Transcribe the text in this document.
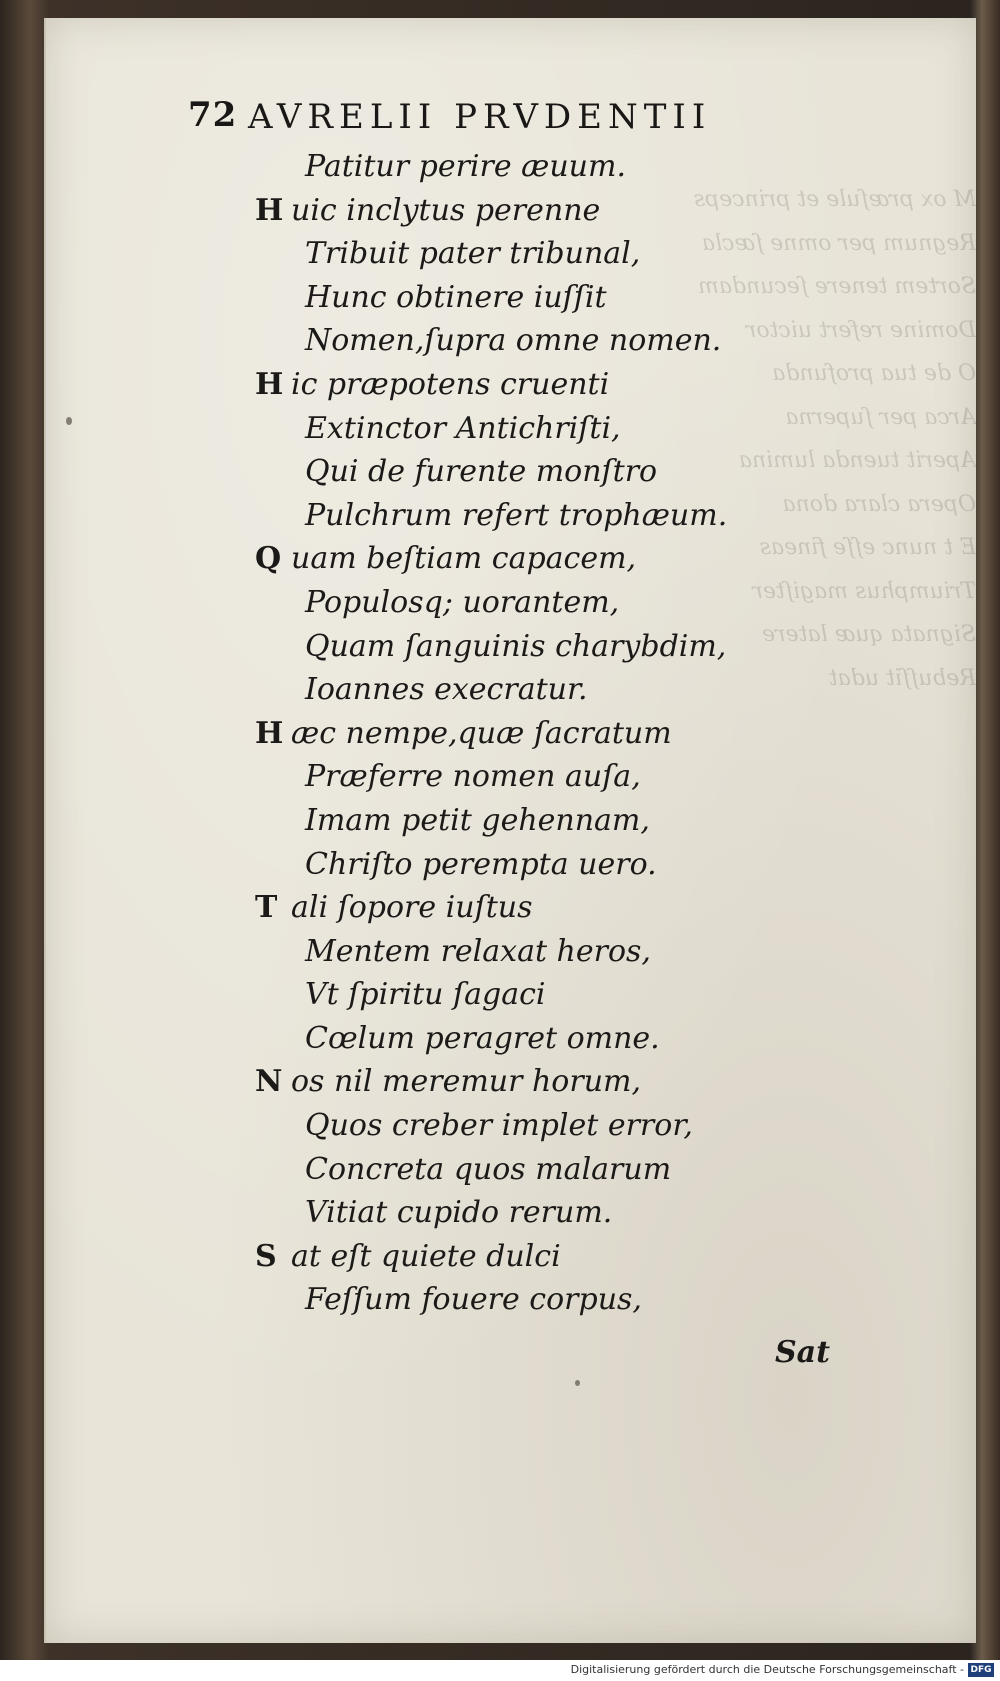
M ox præſule et princeps
Regnum per omne ſæcla
Sortem tenere ſecundam
Domine refert uictor
O de tua profunda
Arca per ſuperna
Aperit tuenda lumina
Opera clara dona
E t nunc eſſe fineas
Triumphus magiſter
Signata quæ latere
Rebuſſit udat
72 AVRELII PRVDENTII
Patitur perire æuum.
H uic inclytus perenne
Tribuit pater tribunal,
Hunc obtinere iuſſit
Nomen,ſupra omne nomen.
H ic præpotens cruenti
Extinctor Antichriſti,
Qui de furente monſtro
Pulchrum refert trophæum.
Q uam beſtiam capacem,
Populosq; uorantem,
Quam ſanguinis charybdim,
Ioannes execratur.
H æc nempe,quæ ſacratum
Præferre nomen auſa,
Imam petit gehennam,
Chriſto perempta uero.
T ali ſopore iuſtus
Mentem relaxat heros,
Vt ſpiritu ſagaci
Cœlum peragret omne.
N os nil meremur horum,
Quos creber implet error,
Concreta quos malarum
Vitiat cupido rerum.
S at eſt quiete dulci
Feſſum fouere corpus,
Sat
Digitalisierung gefördert durch die Deutsche Forschungsgemeinschaft - DFG
